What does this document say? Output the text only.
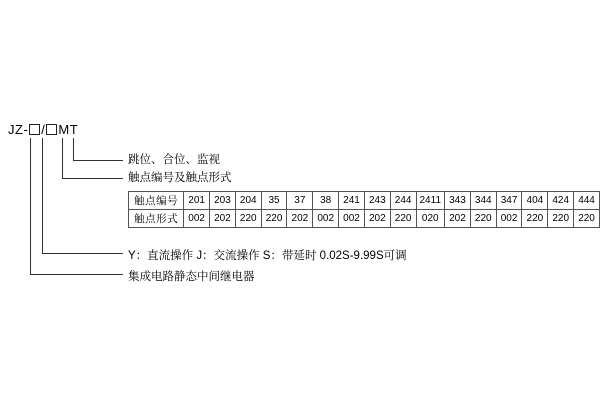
JZ- / MT
跳位、合位、监视
触点编号及触点形式
触点编号	201	203	204	35	37	38	241	243	244	2411	343	344	347	404	424	444
触点形式	002	202	220	220	202	002	002	202	220	020	202	220	002	220	220	220
Y：直流操作 J：交流操作 S：带延时 0.02S-9.99S可调
集成电路静态中间继电器
